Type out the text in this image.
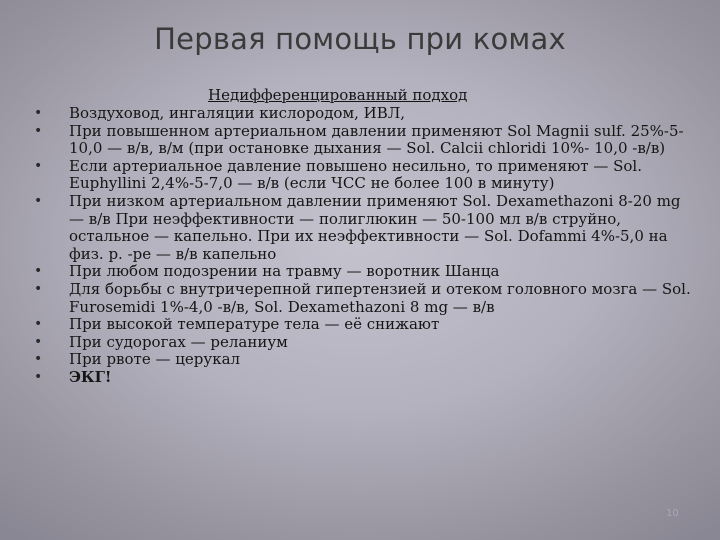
Первая помощь при комах
Недифференцированный подход
• Воздуховод, ингаляции кислородом, ИВЛ,
• При повышенном артериальном давлении применяют Sol Magnii sulf. 25%-5-10,0 — в/в, в/м (при остановке дыхания — Sol. Calcii chloridi 10%- 10,0 -в/в)
• Если артериальное давление повышено несильно, то применяют — Sol. Euphyllini 2,4%-5-7,0 — в/в (если ЧСС не более 100 в минуту)
• При низком артериальном давлении применяют Sol. Dexamethazoni 8-20 mg — в/в При неэффективности — полиглюкин — 50-100 мл в/в струйно, остальное — капельно. При их неэффективности — Sol. Dofammi 4%-5,0 на физ. р. -ре — в/в капельно
• При любом подозрении на травму — воротник Шанца
• Для борьбы с внутричерепной гипертензией и отеком головного мозга — Sol. Furosemidi 1%-4,0 -в/в, Sol. Dexamethazoni 8 mg — в/в
• При высокой температуре тела — её снижают
• При судорогах — реланиум
• При рвоте — церукал
• ЭКГ!
10
